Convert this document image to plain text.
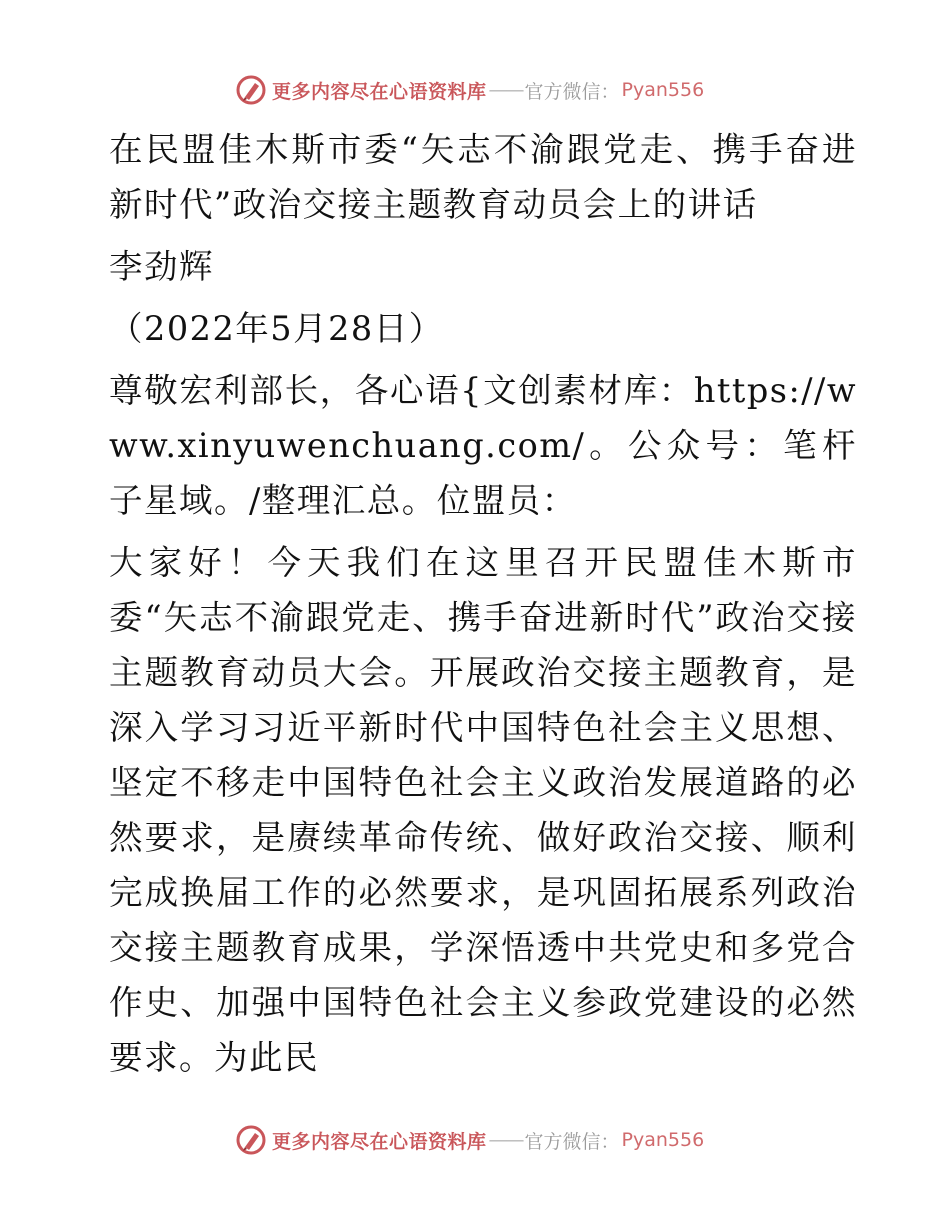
更多内容尽在心语资料库 —— 官方微信： Pyan556

在民盟佳木斯市委“矢志不渝跟党走、携手奋进新时代”政治交接主题教育动员会上的讲话

李劲辉

（2022年5月28日）

尊敬宏利部长，各心语{文创素材库：https://www.xinyuwenchuang.com/。公众号：笔杆子星域。/整理汇总。位盟员：

大家好！今天我们在这里召开民盟佳木斯市委“矢志不渝跟党走、携手奋进新时代”政治交接主题教育动员大会。开展政治交接主题教育，是深入学习习近平新时代中国特色社会主义思想、坚定不移走中国特色社会主义政治发展道路的必然要求，是赓续革命传统、做好政治交接、顺利完成换届工作的必然要求，是巩固拓展系列政治交接主题教育成果，学深悟透中共党史和多党合作史、加强中国特色社会主义参政党建设的必然要求。为此民

更多内容尽在心语资料库 —— 官方微信： Pyan556
